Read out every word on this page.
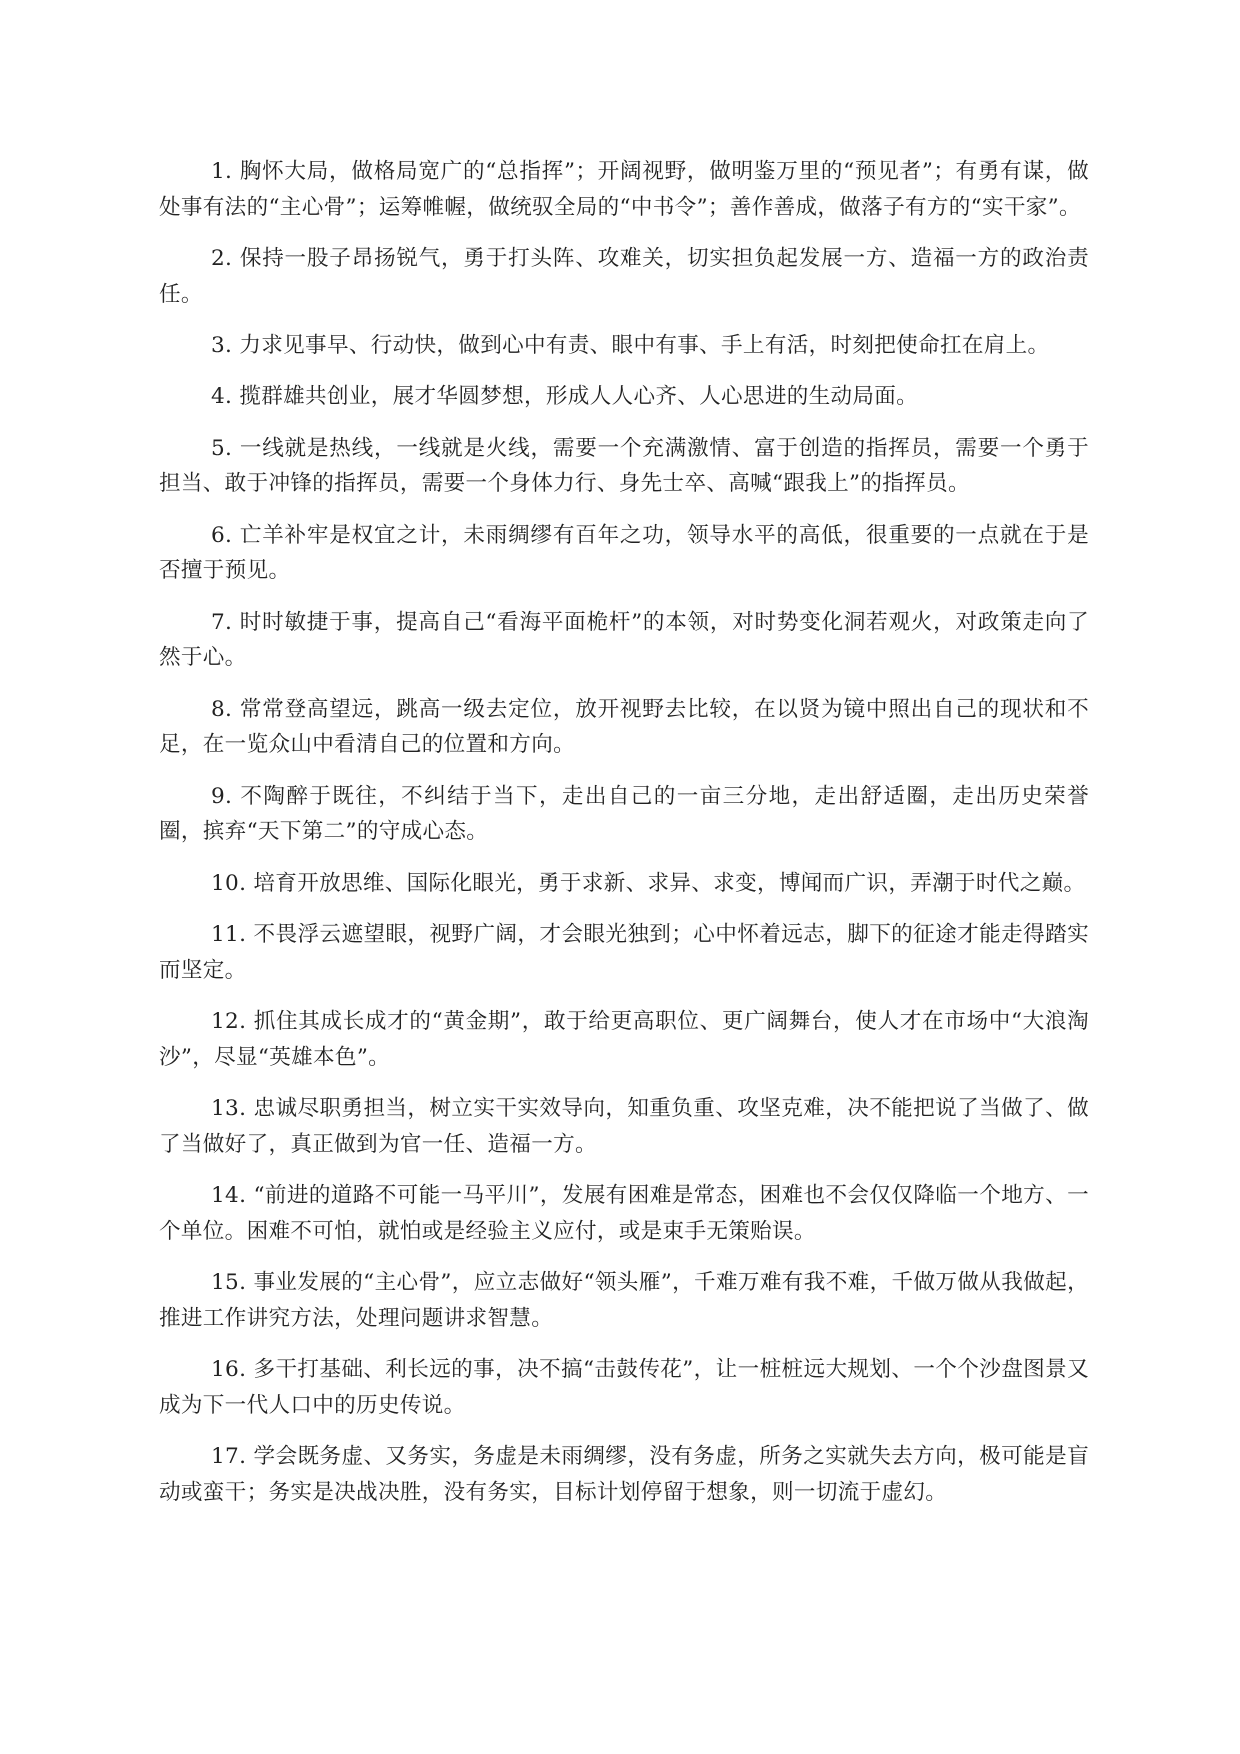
1. 胸怀大局，做格局宽广的“总指挥”；开阔视野，做明鉴万里的“预见者”；有勇有谋，做处事有法的“主心骨”；运筹帷幄，做统驭全局的“中书令”；善作善成，做落子有方的“实干家”。

2. 保持一股子昂扬锐气，勇于打头阵、攻难关，切实担负起发展一方、造福一方的政治责任。

3. 力求见事早、行动快，做到心中有责、眼中有事、手上有活，时刻把使命扛在肩上。

4. 揽群雄共创业，展才华圆梦想，形成人人心齐、人心思进的生动局面。

5. 一线就是热线，一线就是火线，需要一个充满激情、富于创造的指挥员，需要一个勇于担当、敢于冲锋的指挥员，需要一个身体力行、身先士卒、高喊“跟我上”的指挥员。

6. 亡羊补牢是权宜之计，未雨绸缪有百年之功，领导水平的高低，很重要的一点就在于是否擅于预见。

7. 时时敏捷于事，提高自己“看海平面桅杆”的本领，对时势变化洞若观火，对政策走向了然于心。

8. 常常登高望远，跳高一级去定位，放开视野去比较，在以贤为镜中照出自己的现状和不足，在一览众山中看清自己的位置和方向。

9. 不陶醉于既往，不纠结于当下，走出自己的一亩三分地，走出舒适圈，走出历史荣誉圈，摈弃“天下第二”的守成心态。

10. 培育开放思维、国际化眼光，勇于求新、求异、求变，博闻而广识，弄潮于时代之巅。

11. 不畏浮云遮望眼，视野广阔，才会眼光独到；心中怀着远志，脚下的征途才能走得踏实而坚定。

12. 抓住其成长成才的“黄金期”，敢于给更高职位、更广阔舞台，使人才在市场中“大浪淘沙”，尽显“英雄本色”。

13. 忠诚尽职勇担当，树立实干实效导向，知重负重、攻坚克难，决不能把说了当做了、做了当做好了，真正做到为官一任、造福一方。

14. “前进的道路不可能一马平川”，发展有困难是常态，困难也不会仅仅降临一个地方、一个单位。困难不可怕，就怕或是经验主义应付，或是束手无策贻误。

15. 事业发展的“主心骨”，应立志做好“领头雁”，千难万难有我不难，千做万做从我做起，推进工作讲究方法，处理问题讲求智慧。

16. 多干打基础、利长远的事，决不搞“击鼓传花”，让一桩桩远大规划、一个个沙盘图景又成为下一代人口中的历史传说。

17. 学会既务虚、又务实，务虚是未雨绸缪，没有务虚，所务之实就失去方向，极可能是盲动或蛮干；务实是决战决胜，没有务实，目标计划停留于想象，则一切流于虚幻。
